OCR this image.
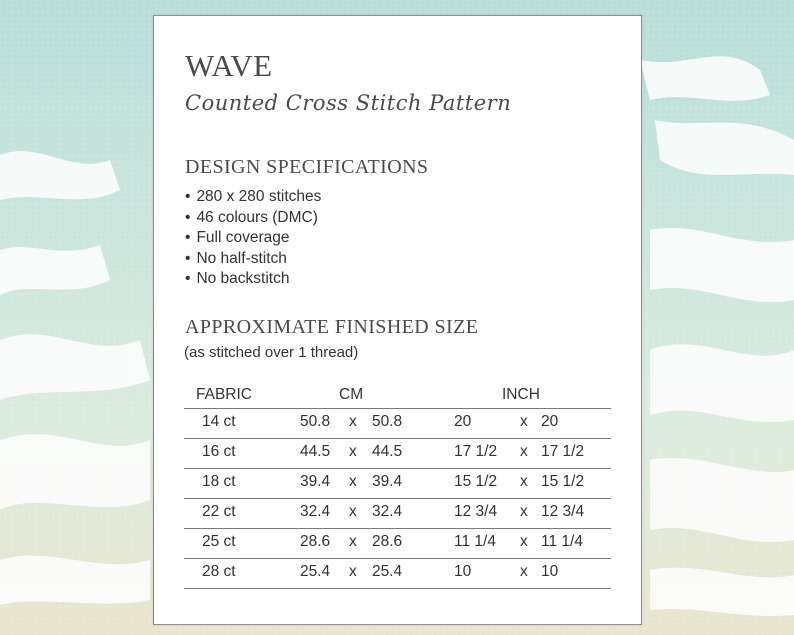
WAVE
Counted Cross Stitch Pattern
DESIGN SPECIFICATIONS
• 280 x 280 stitches
• 46 colours (DMC)
• Full coverage
• No half-stitch
• No backstitch
APPROXIMATE FINISHED SIZE
(as stitched over 1 thread)
FABRIC	CM	INCH
14 ct	50.8 x 50.8	20	x 20
16 ct	44.5 x 44.5	17 1/2 x 17 1/2
18 ct	39.4 x 39.4	15 1/2 x 15 1/2
22 ct	32.4 x 32.4	12 3/4 x 12 3/4
25 ct	28.6 x 28.6	11 1/4 x 11 1/4
28 ct	25.4 x 25.4	10	x 10
